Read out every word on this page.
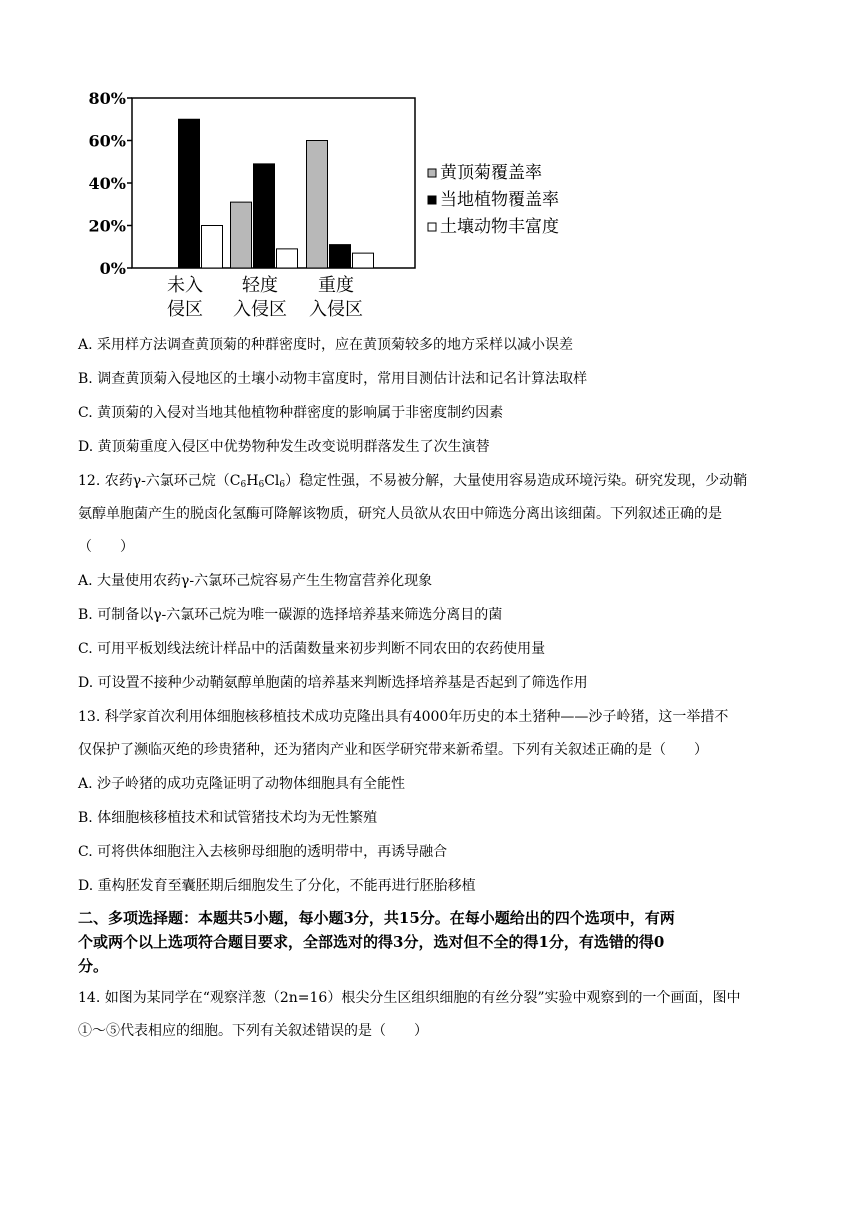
0%
20%
40%
60%
80%
未入
侵区
轻度
入侵区
重度
入侵区
黄顶菊覆盖率
当地植物覆盖率
土壤动物丰富度
A. 采用样方法调查黄顶菊的种群密度时，应在黄顶菊较多的地方采样以减小误差
B. 调查黄顶菊入侵地区的土壤小动物丰富度时，常用目测估计法和记名计算法取样
C. 黄顶菊的入侵对当地其他植物种群密度的影响属于非密度制约因素
D. 黄顶菊重度入侵区中优势物种发生改变说明群落发生了次生演替
12. 农药γ-六氯环己烷$(C_6H_6Cl_6)$稳定性强，不易被分解，大量使用容易造成环境污染。研究发现，少动鞘
氨醇单胞菌产生的脱卤化氢酶可降解该物质，研究人员欲从农田中筛选分离出该细菌。下列叙述正确的是
（　　）
A. 大量使用农药γ-六氯环己烷容易产生生物富营养化现象
B. 可制备以γ-六氯环己烷为唯一碳源的选择培养基来筛选分离目的菌
C. 可用平板划线法统计样品中的活菌数量来初步判断不同农田的农药使用量
D. 可设置不接种少动鞘氨醇单胞菌的培养基来判断选择培养基是否起到了筛选作用
13. 科学家首次利用体细胞核移植技术成功克隆出具有4000年历史的本土猪种——沙子岭猪，这一举措不
仅保护了濒临灭绝的珍贵猪种，还为猪肉产业和医学研究带来新希望。下列有关叙述正确的是（　　）
A. 沙子岭猪的成功克隆证明了动物体细胞具有全能性
B. 体细胞核移植技术和试管猪技术均为无性繁殖
C. 可将供体细胞注入去核卵母细胞的透明带中，再诱导融合
D. 重构胚发育至囊胚期后细胞发生了分化，不能再进行胚胎移植
二、多项选择题：本题共5小题，每小题3分，共15分。在每小题给出的四个选项中，有两
个或两个以上选项符合题目要求，全部选对的得3分，选对但不全的得1分，有选错的得0
分。
14. 如图为某同学在“观察洋葱（2n=16）根尖分生区组织细胞的有丝分裂”实验中观察到的一个画面，图中
①～⑤代表相应的细胞。下列有关叙述错误的是（　　）
